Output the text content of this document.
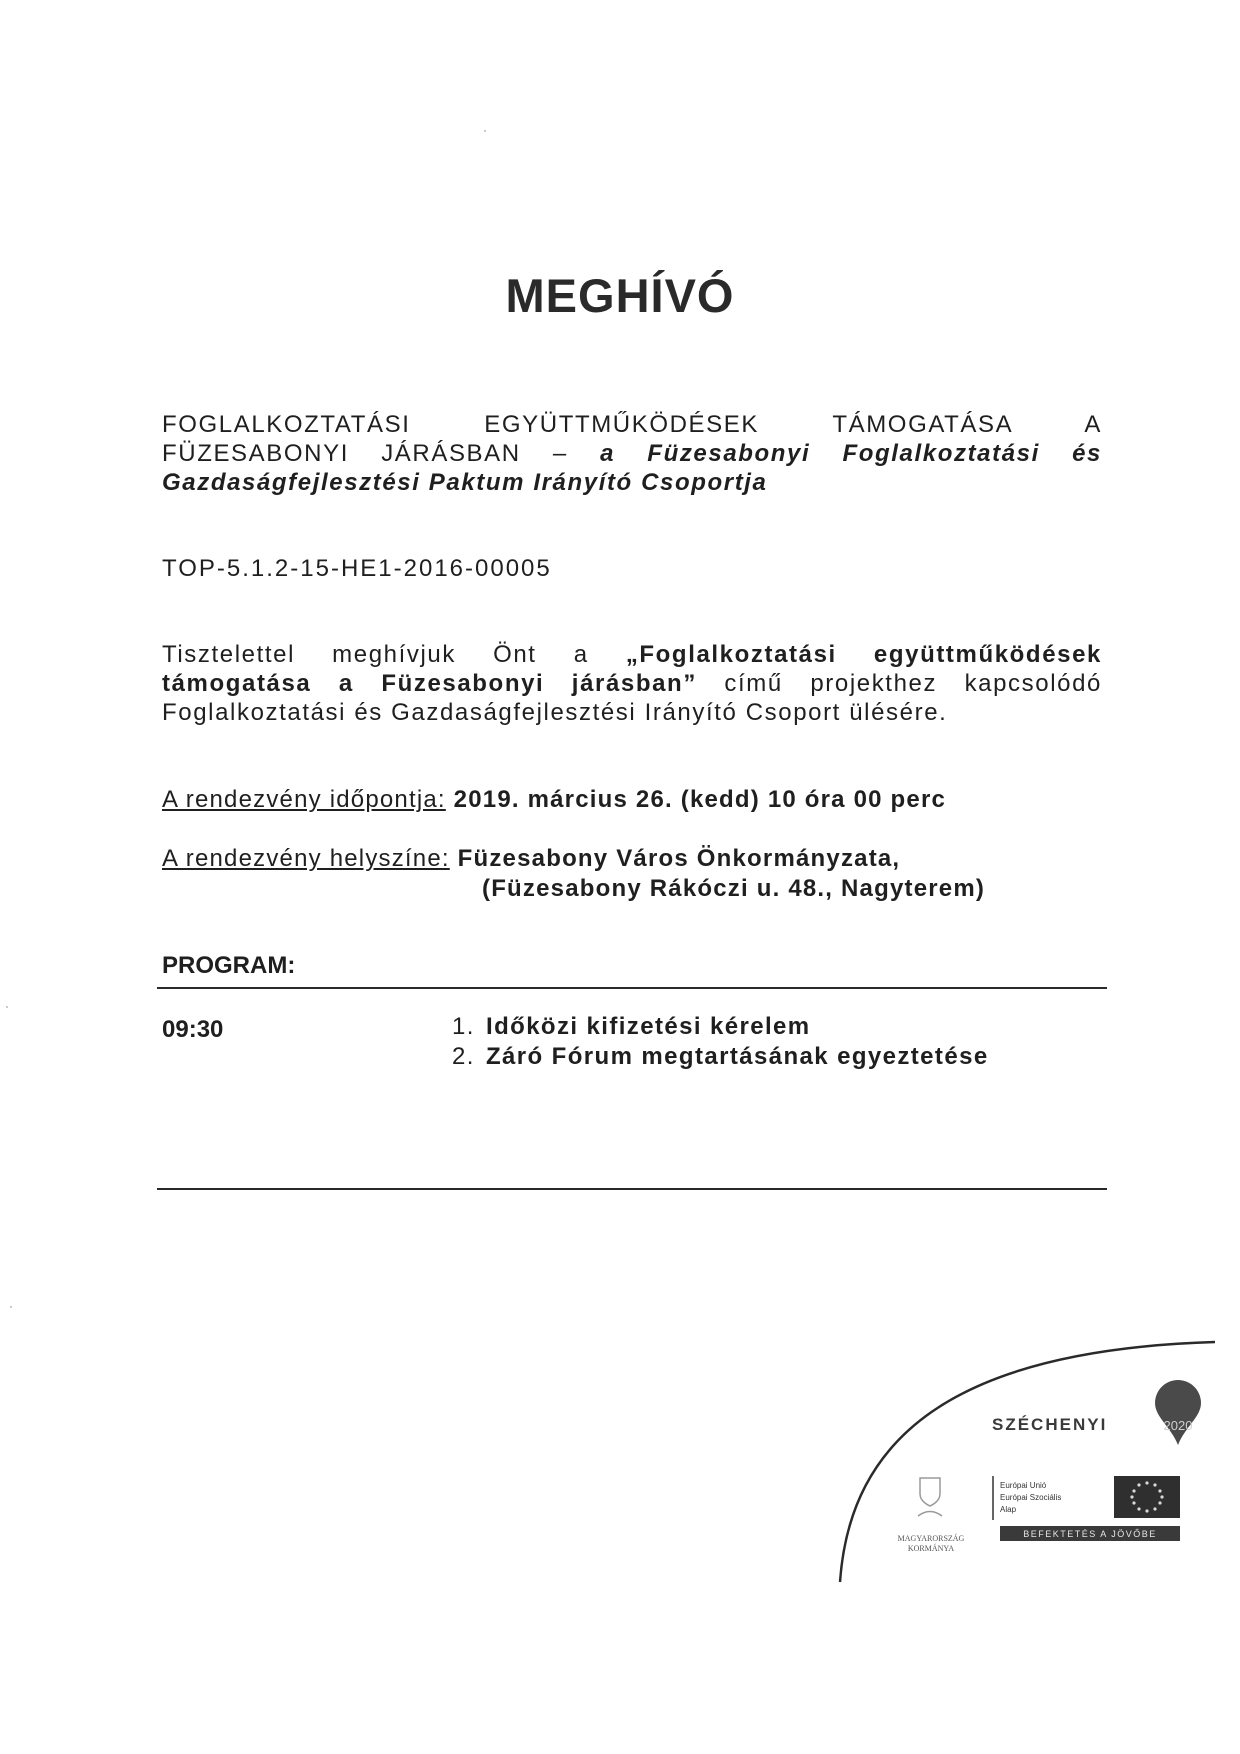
MEGHÍVÓ
FOGLALKOZTATÁSI EGYÜTTMŰKÖDÉSEK TÁMOGATÁSA A
FÜZESABONYI JÁRÁSBAN – a Füzesabonyi Foglalkoztatási és
Gazdaságfejlesztési Paktum Irányító Csoportja
TOP-5.1.2-15-HE1-2016-00005
Tisztelettel meghívjuk Önt a „Foglalkoztatási együttműködések támogatása a Füzesabonyi járásban” című projekthez kapcsolódó Foglalkoztatási és Gazdaságfejlesztési Irányító Csoport ülésére.
A rendezvény időpontja: 2019. március 26. (kedd) 10 óra 00 perc
A rendezvény helyszíne: Füzesabony Város Önkormányzata,
(Füzesabony Rákóczi u. 48., Nagyterem)
PROGRAM:
09:30	1. Időközi kifizetési kérelem
2. Záró Fórum megtartásának egyeztetése
SZÉCHENYI	2020
MAGYARORSZÁG
KORMÁNYA
Európai Unió
Európai Szociális
Alap
BEFEKTETÉS A JÖVŐBE
